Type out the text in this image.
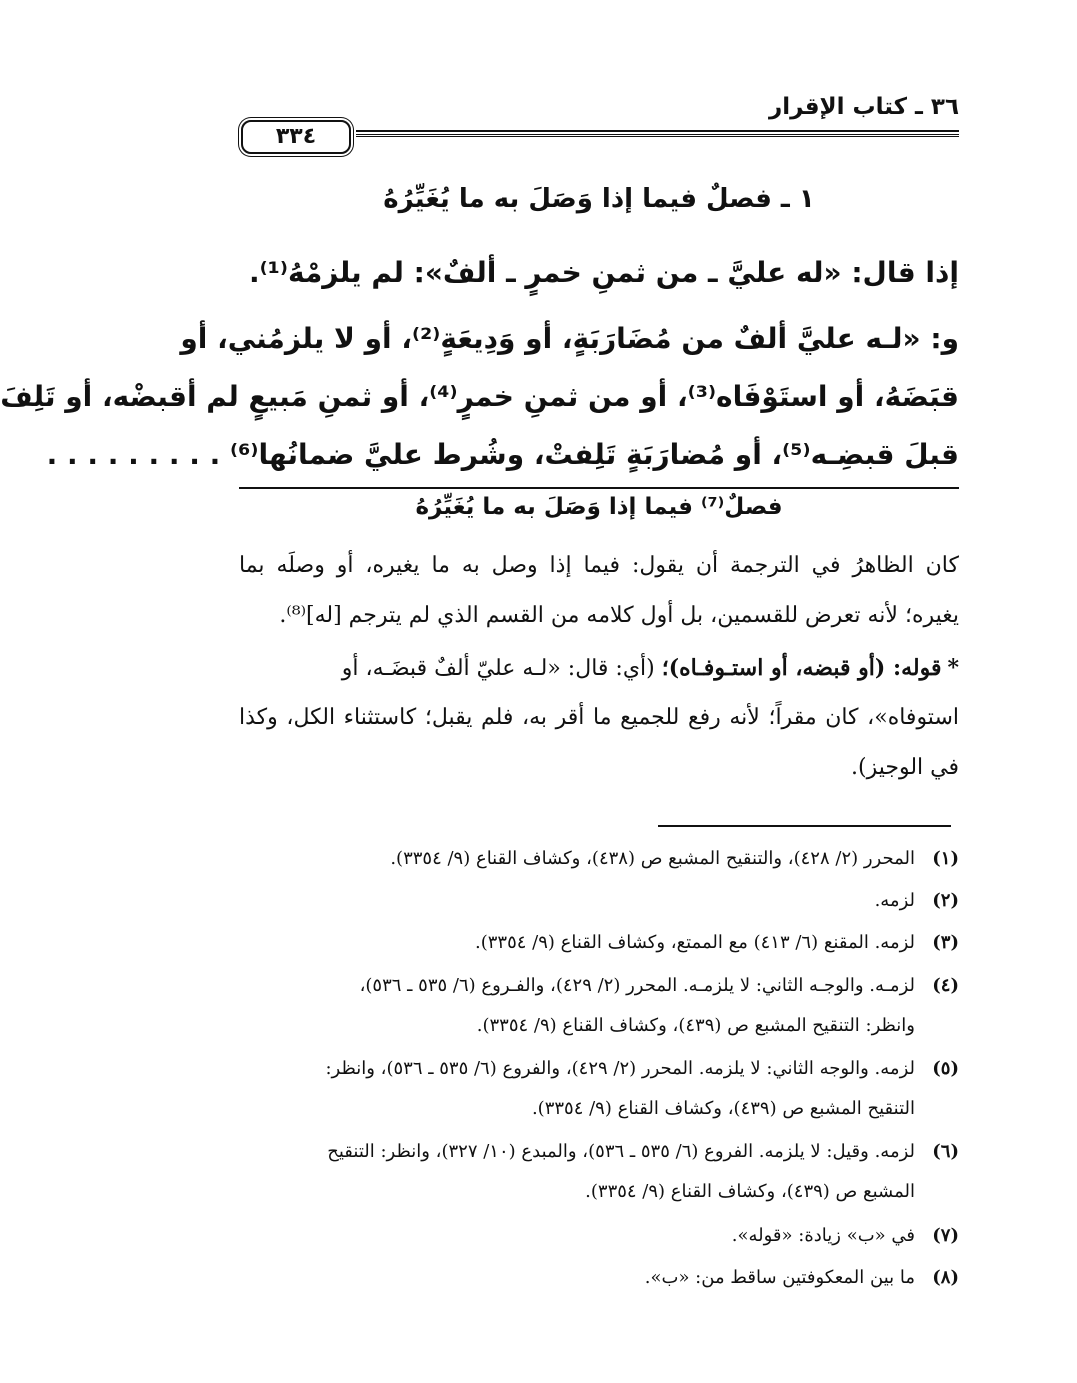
٣٦ ـ كتاب الإقرار
٣٣٤
١ ـ فصلٌ فيما إذا وَصَلَ به ما يُغَيِّرُهُ
إذا قال: «له عليَّ ـ من ثمنِ خمرٍ ـ ألفٌ»: لم يلزمْهُ⁽¹⁾.
و: «لـه عليَّ ألفٌ من مُضَارَبَةٍ، أو وَدِيعَةٍ⁽²⁾، أو لا يلزمُني، أو
قبَضَهُ، أو استَوْفَاه⁽³⁾، أو من ثمنِ خمرٍ⁽⁴⁾، أو ثمنِ مَبيعٍ لم أقبضْه، أو تَلِفَ
قبلَ قبضِـه⁽⁵⁾، أو مُضارَبَةٍ تَلِفتْ، وشُرط عليَّ ضمانُها⁽⁶⁾ . . . . . . . . .
فصلٌ⁽⁷⁾ فيما إذا وَصَلَ به ما يُغَيِّرُهُ
كان الظاهرُ في الترجمة أن يقول: فيما إذا وصل به ما يغيره، أو وصلَه بما
يغيره؛ لأنه تعرض للقسمين، بل أول كلامه من القسم الذي لم يترجم [له]⁽⁸⁾.
*قوله: (أو قبضه، أو استـوفـاه)؛ (أي: قال: «لـه عليّ ألفٌ قبضَـه، أو
استوفاه»، كان مقراً؛ لأنه رفع للجميع ما أقر به، فلم يقبل؛ كاستثناء الكل، وكذا
في الوجيز).
(١)المحرر (٢/ ٤٢٨)، والتنقيح المشبع ص (٤٣٨)، وكشاف القناع (٩/ ٣٣٥٤).
(٢)لزمه.
(٣)لزمه. المقنع (٦/ ٤١٣) مع الممتع، وكشاف القناع (٩/ ٣٣٥٤).
(٤)لزمـه. والوجـه الثاني: لا يلزمـه. المحرر (٢/ ٤٢٩)، والفـروع (٦/ ٥٣٥ ـ ٥٣٦)،
وانظر: التنقيح المشبع ص (٤٣٩)، وكشاف القناع (٩/ ٣٣٥٤).
(٥)لزمه. والوجه الثاني: لا يلزمه. المحرر (٢/ ٤٢٩)، والفروع (٦/ ٥٣٥ ـ ٥٣٦)، وانظر:
التنقيح المشبع ص (٤٣٩)، وكشاف القناع (٩/ ٣٣٥٤).
(٦)لزمه. وقيل: لا يلزمه. الفروع (٦/ ٥٣٥ ـ ٥٣٦)، والمبدع (١٠/ ٣٢٧)، وانظر: التنقيح
المشبع ص (٤٣٩)، وكشاف القناع (٩/ ٣٣٥٤).
(٧)في «ب» زيادة: «قوله».
(٨)ما بين المعكوفتين ساقط من: «ب».
